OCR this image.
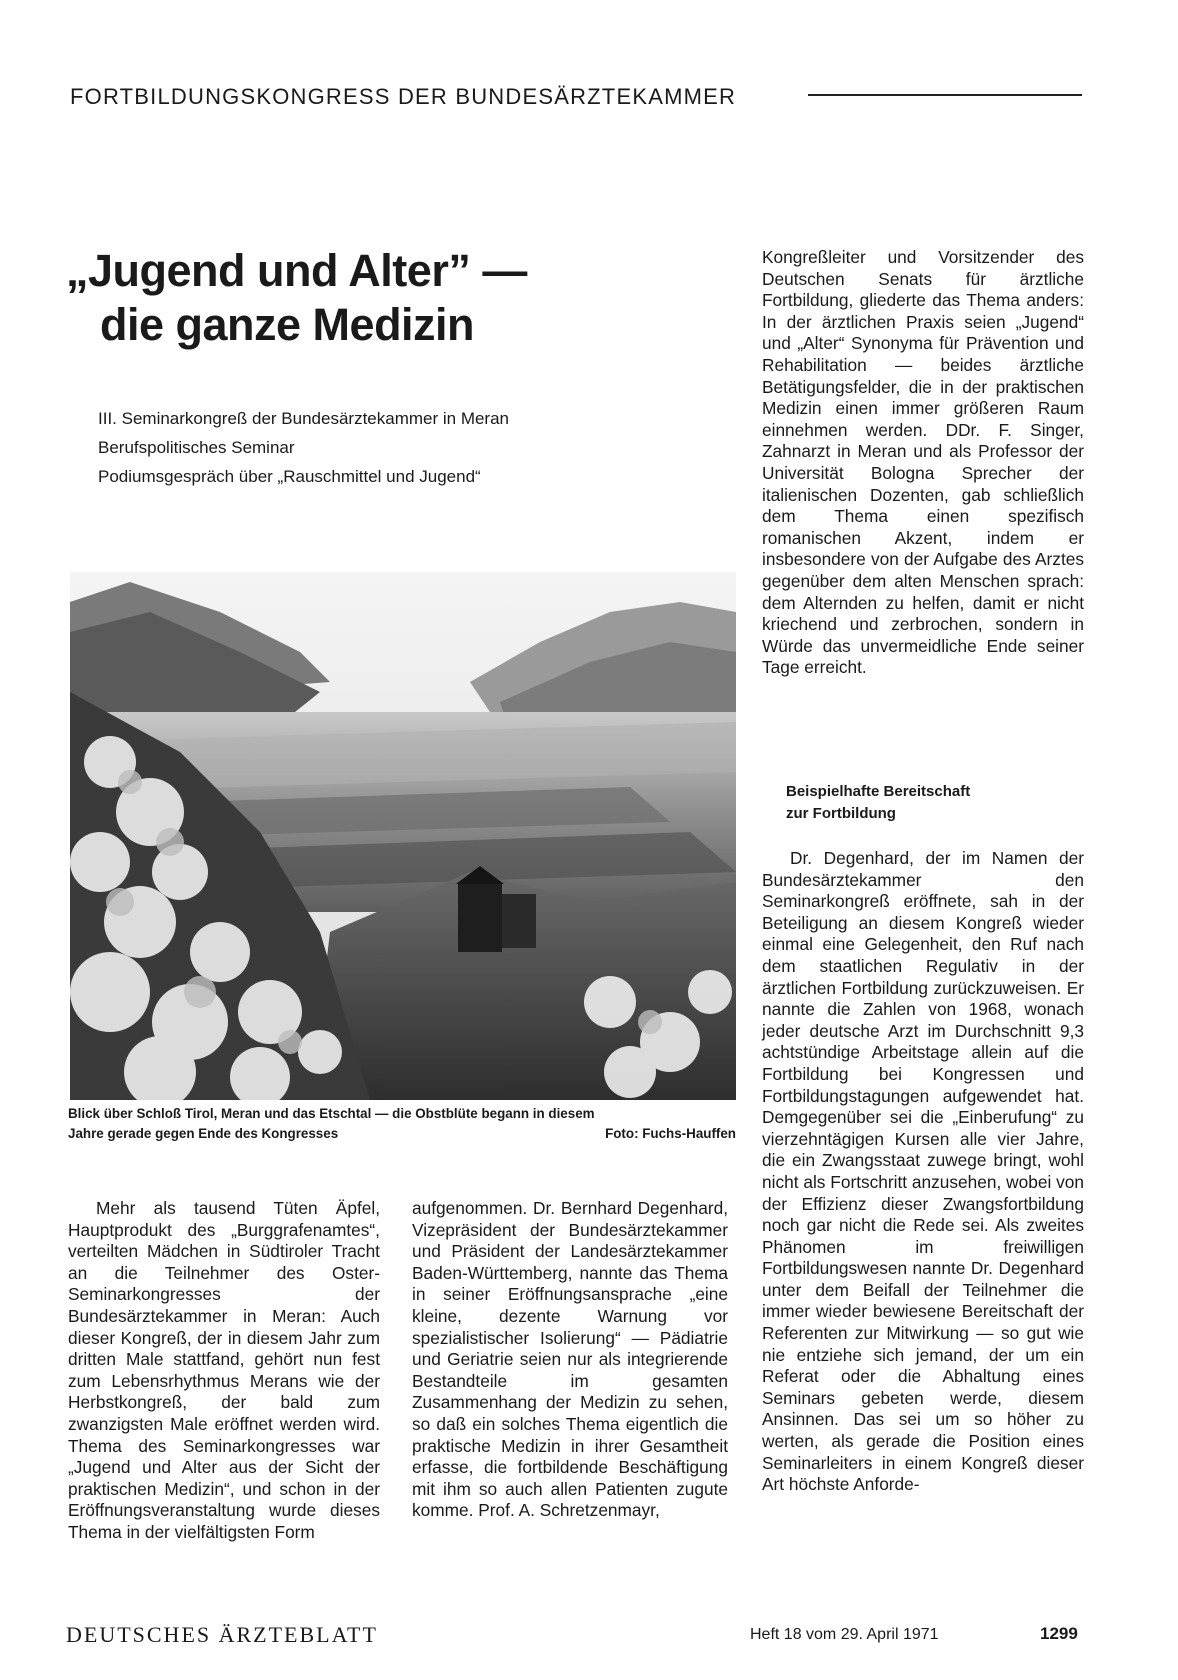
FORTBILDUNGSKONGRESS DER BUNDESÄRZTEKAMMER
„Jugend und Alter” —
die ganze Medizin
III. Seminarkongreß der Bundesärztekammer in Meran
Berufspolitisches Seminar
Podiumsgespräch über „Rauschmittel und Jugend“
Blick über Schloß Tirol, Meran und das Etschtal — die Obstblüte begann in diesem
Jahre gerade gegen Ende des Kongresses	Foto: Fuchs-Hauffen

Mehr als tausend Tüten Äpfel, Hauptprodukt des „Burggrafenamtes“, verteilten Mädchen in Südtiroler Tracht an die Teilnehmer des Oster-Seminarkongresses der Bundesärztekammer in Meran: Auch dieser Kongreß, der in diesem Jahr zum dritten Male stattfand, gehört nun fest zum Lebensrhythmus Merans wie der Herbstkongreß, der bald zum zwanzigsten Male eröffnet werden wird. Thema des Seminarkongresses war „Jugend und Alter aus der Sicht der praktischen Medizin“, und schon in der Eröffnungsveranstaltung wurde dieses Thema in der vielfältigsten Form

aufgenommen. Dr. Bernhard Degenhard, Vizepräsident der Bundesärztekammer und Präsident der Landesärztekammer Baden-Württemberg, nannte das Thema in seiner Eröffnungsansprache „eine kleine, dezente Warnung vor spezialistischer Isolierung“ — Pädiatrie und Geriatrie seien nur als integrierende Bestandteile im gesamten Zusammenhang der Medizin zu sehen, so daß ein solches Thema eigentlich die praktische Medizin in ihrer Gesamtheit erfasse, die fortbildende Beschäftigung mit ihm so auch allen Patienten zugute komme. Prof. A. Schretzenmayr,

Kongreßleiter und Vorsitzender des Deutschen Senats für ärztliche Fortbildung, gliederte das Thema anders: In der ärztlichen Praxis seien „Jugend“ und „Alter“ Synonyma für Prävention und Rehabilitation — beides ärztliche Betätigungsfelder, die in der praktischen Medizin einen immer größeren Raum einnehmen werden. DDr. F. Singer, Zahnarzt in Meran und als Professor der Universität Bologna Sprecher der italienischen Dozenten, gab schließlich dem Thema einen spezifisch romanischen Akzent, indem er insbesondere von der Aufgabe des Arztes gegenüber dem alten Menschen sprach: dem Alternden zu helfen, damit er nicht kriechend und zerbrochen, sondern in Würde das unvermeidliche Ende seiner Tage erreicht.

Beispielhafte Bereitschaft
zur Fortbildung

Dr. Degenhard, der im Namen der Bundesärztekammer den Seminarkongreß eröffnete, sah in der Beteiligung an diesem Kongreß wieder einmal eine Gelegenheit, den Ruf nach dem staatlichen Regulativ in der ärztlichen Fortbildung zurückzuweisen. Er nannte die Zahlen von 1968, wonach jeder deutsche Arzt im Durchschnitt 9,3 achtstündige Arbeitstage allein auf die Fortbildung bei Kongressen und Fortbildungstagungen aufgewendet hat. Demgegenüber sei die „Einberufung“ zu vierzehntägigen Kursen alle vier Jahre, die ein Zwangsstaat zuwege bringt, wohl nicht als Fortschritt anzusehen, wobei von der Effizienz dieser Zwangsfortbildung noch gar nicht die Rede sei. Als zweites Phänomen im freiwilligen Fortbildungswesen nannte Dr. Degenhard unter dem Beifall der Teilnehmer die immer wieder bewiesene Bereitschaft der Referenten zur Mitwirkung — so gut wie nie entziehe sich jemand, der um ein Referat oder die Abhaltung eines Seminars gebeten werde, diesem Ansinnen. Das sei um so höher zu werten, als gerade die Position eines Seminarleiters in einem Kongreß dieser Art höchste Anforde-

DEUTSCHES ÄRZTEBLATT	Heft 18 vom 29. April 1971	1299
